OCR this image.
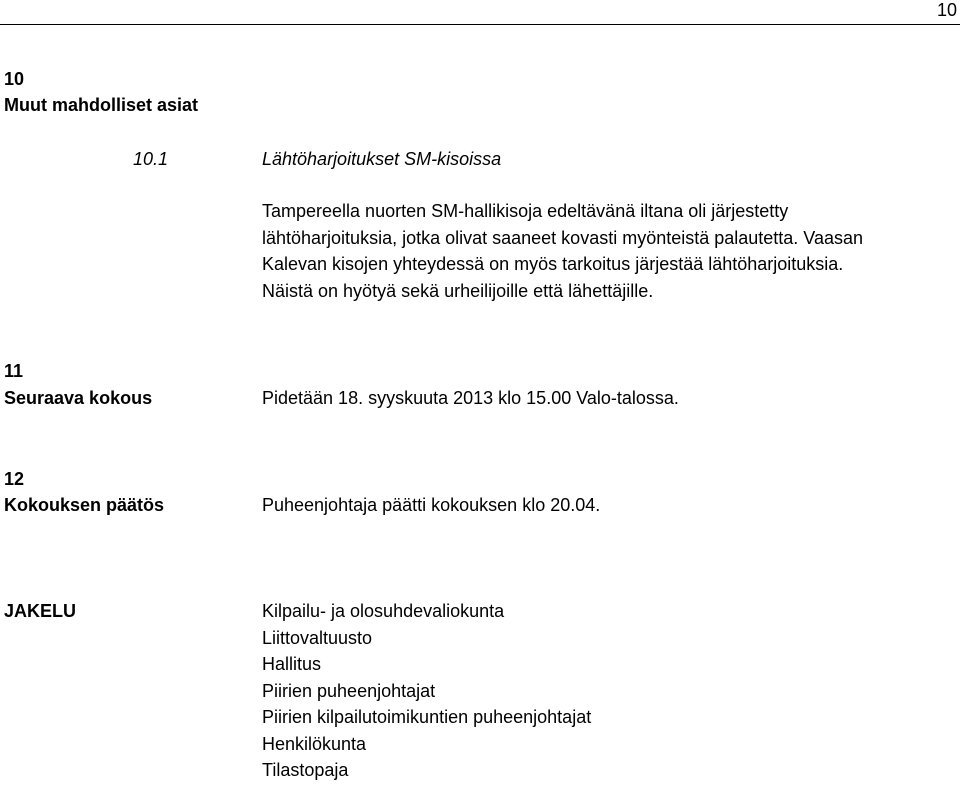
10
10
Muut mahdolliset asiat
10.1	Lähtöharjoitukset SM-kisoissa
Tampereella nuorten SM-hallikisoja edeltävänä iltana oli järjestetty
lähtöharjoituksia, jotka olivat saaneet kovasti myönteistä palautetta. Vaasan
Kalevan kisojen yhteydessä on myös tarkoitus järjestää lähtöharjoituksia.
Näistä on hyötyä sekä urheilijoille että lähettäjille.
11
Seuraava kokous	Pidetään 18. syyskuuta 2013 klo 15.00 Valo-talossa.
12
Kokouksen päätös	Puheenjohtaja päätti kokouksen klo 20.04.
JAKELU	Kilpailu- ja olosuhdevaliokunta
Liittovaltuusto
Hallitus
Piirien puheenjohtajat
Piirien kilpailutoimikuntien puheenjohtajat
Henkilökunta
Tilastopaja
